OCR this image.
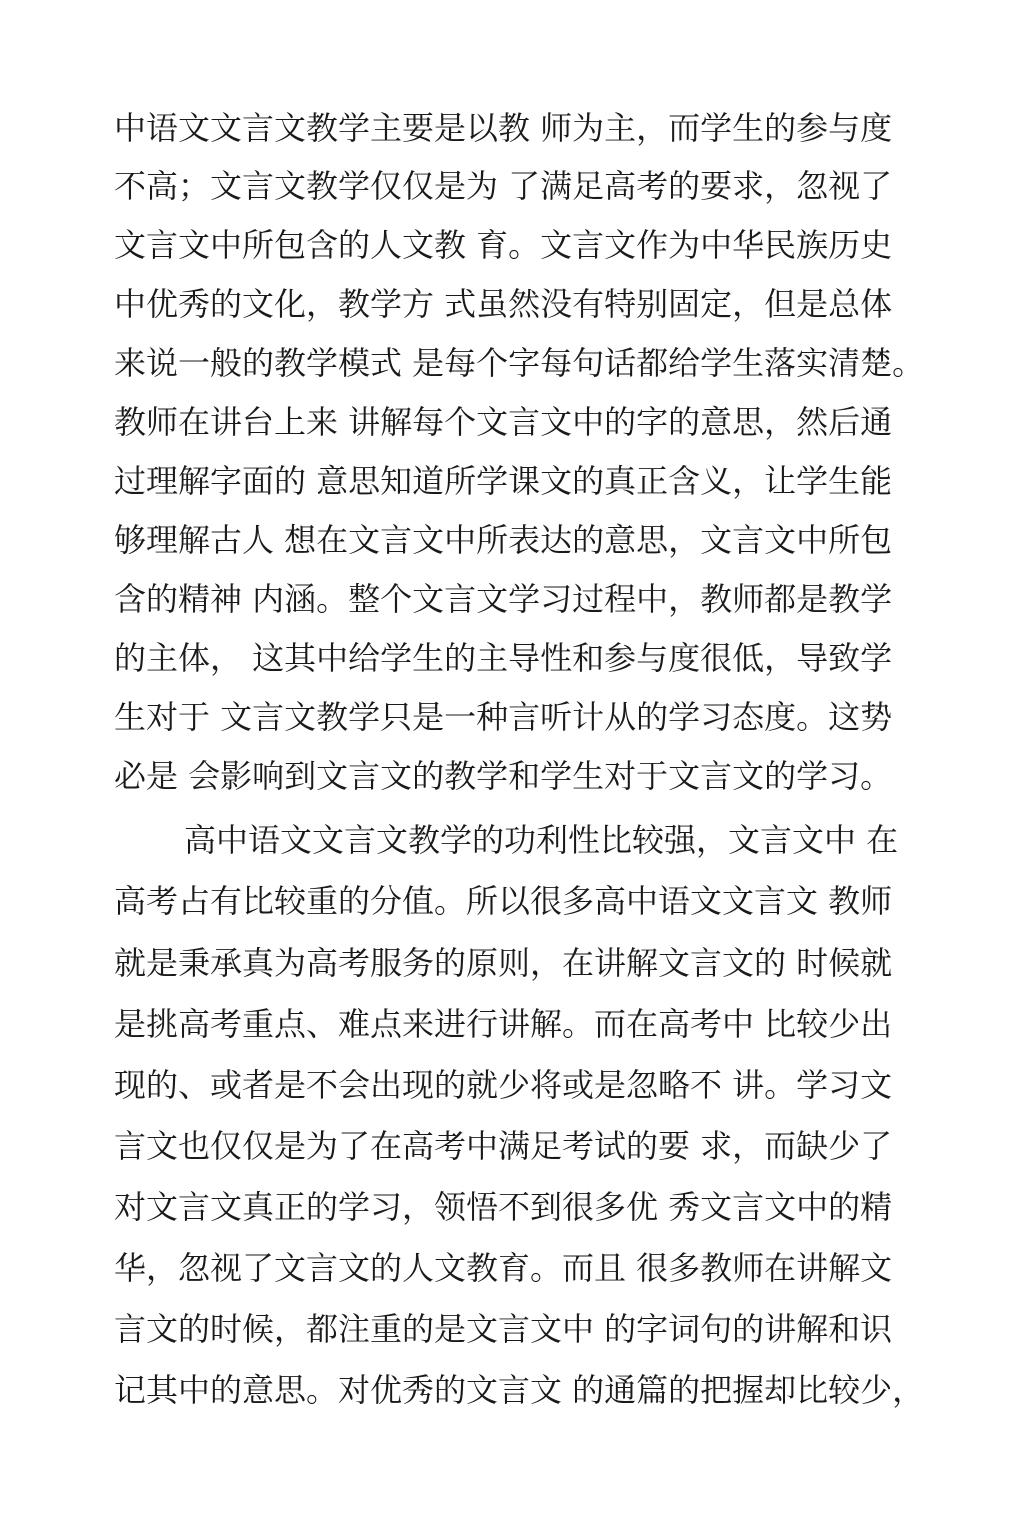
中语文文言文教学主要是以教 师为主，而学生的参与度
不高；文言文教学仅仅是为 了满足高考的要求，忽视了
文言文中所包含的人文教 育。文言文作为中华民族历史
中优秀的文化，教学方 式虽然没有特别固定，但是总体
来说一般的教学模式 是每个字每句话都给学生落实清楚。
教师在讲台上来 讲解每个文言文中的字的意思，然后通
过理解字面的 意思知道所学课文的真正含义，让学生能
够理解古人 想在文言文中所表达的意思，文言文中所包
含的精神 内涵。整个文言文学习过程中，教师都是教学
的主体， 这其中给学生的主导性和参与度很低，导致学
生对于 文言文教学只是一种言听计从的学习态度。这势
必是 会影响到文言文的教学和学生对于文言文的学习。
高中语文文言文教学的功利性比较强，文言文中 在
高考占有比较重的分值。所以很多高中语文文言文 教师
就是秉承真为高考服务的原则，在讲解文言文的 时候就
是挑高考重点、难点来进行讲解。而在高考中 比较少出
现的、或者是不会出现的就少将或是忽略不 讲。学习文
言文也仅仅是为了在高考中满足考试的要 求，而缺少了
对文言文真正的学习，领悟不到很多优 秀文言文中的精
华，忽视了文言文的人文教育。而且 很多教师在讲解文
言文的时候，都注重的是文言文中 的字词句的讲解和识
记其中的意思。对优秀的文言文 的通篇的把握却比较少，
